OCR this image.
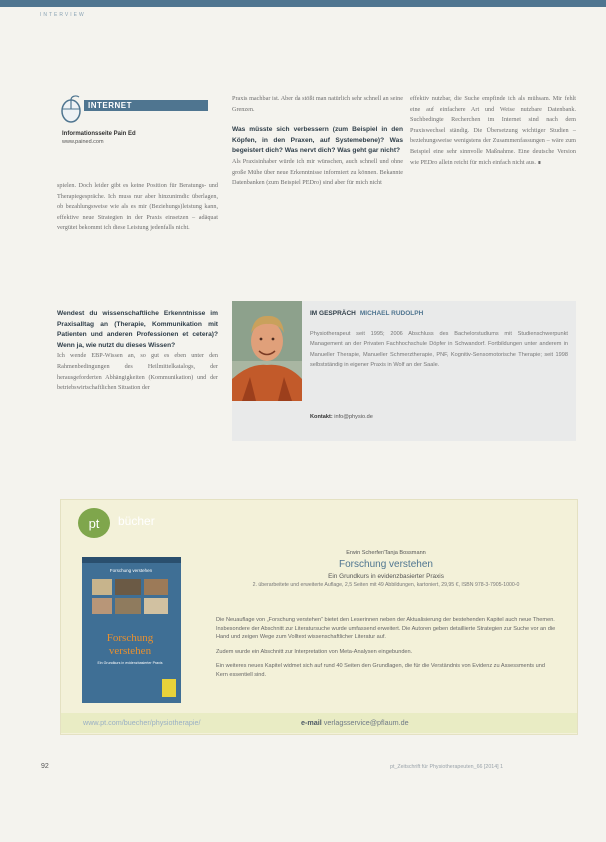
INTERVIEW
INTERNET
Informationsseite Pain Ed
www.pained.com

spielen. Doch leider gibt es keine Position für Beratungs- und Therapiegespräche. Ich muss nur aber hinzunimdic überlagen, ob bezahlungsweise wie als es mir (Beziehungs)leistung kann, effektive neue Strategien in der Praxis einsetzen – adäquat vergütet bekommt ich diese Leistung jedenfalls nicht.

Wendest du wissenschaftliche Erkenntnisse im Praxisalltag an (Therapie, Kommunikation mit Patienten und anderen Professionen et cetera)? Wenn ja, wie nutzt du dieses Wissen?

Ich wende EBP-Wissen an, so gut es eben unter den Rahmenbedingungen des Heilmittelkatalogs, der herausgeforderten Abhängigkeiten (Kommunikation) und der betriebswirtschaftlichen Situation der

Praxis machbar ist. Aber da stößt man natürlich sehr schnell an seine Grenzen.

Was müsste sich verbessern (zum Beispiel in den Köpfen, in den Praxen, auf Systemebene)? Was begeistert dich? Was nervt dich? Was geht gar nicht?

Als Praxisinhaber würde ich mir wünschen, auch schnell und ohne große Mühe über neue Erkenntnisse informiert zu können. Bekannte Datenbanken (zum Beispiel PEDro) sind aber für mich nicht

effektiv nutzbar, die Suche empfinde ich als mühsam. Mir fehlt eine auf einfachere Art und Weise nutzbare Datenbank. Suchbedingte Recherchen im Internet sind nach dem Praxiswechsel ständig. Die Übersetzung wichtiger Studien – beziehungsweise wenigstens der Zusammenfassungen – wäre zum Beispiel eine sehr sinnvolle Maßnahme. Eine deutsche Version wie PEDro allein reicht für mich einfach nicht aus. ∎

IM GESPRÄCH MICHAEL RUDOLPH
Physiotherapeut seit 1995; 2006 Abschluss des Bachelorstudiums mit Studienschwerpunkt Management an der Privaten Fachhochschule Döpfer in Schwandorf. Fortbildungen unter anderem in Manueller Therapie, Manueller Schmerztherapie, PNF, Kognitiv-Sensomotorische Therapie; seit 1998 selbstständig in eigener Praxis in Wolf an der Saale.
Kontakt: info@physio.de
pt bücher
Forschung verstehen
Forschung
verstehen
Ein Grundkurs in evidenzbasierter Praxis
Erwin Scherfer/Tanja Bossmann
Forschung verstehen
Ein Grundkurs in evidenzbasierter Praxis
2. überarbeitete und erweiterte Auflage, 2,5 Seiten mit 49 Abbildungen, kartoniert, 29,95 €, ISBN 978-3-7905-1000-0

Die Neuauflage von „Forschung verstehen“ bietet den Leserinnen neben der Aktualisierung der bestehenden Kapitel auch neue Themen. Insbesondere der Abschnitt zur Literatursuche wurde umfassend erweitert. Die Autoren geben detaillierte Strategien zur Suche vor an die Hand und zeigen Wege zum Volltext wissenschaftlicher Literatur auf.

Zudem wurde ein Abschnitt zur Interpretation von Meta-Analysen eingebunden.

Ein weiteres neues Kapitel widmet sich auf rund 40 Seiten den Grundlagen, die für die Verständnis von Evidenz zu Assessments und Kern essentiell sind.

www.pt.com/buecher/physiotherapie/	e-mail verlagsservice@pflaum.de
92	pt_Zeitschrift für Physiotherapeuten_66 [2014] 1
